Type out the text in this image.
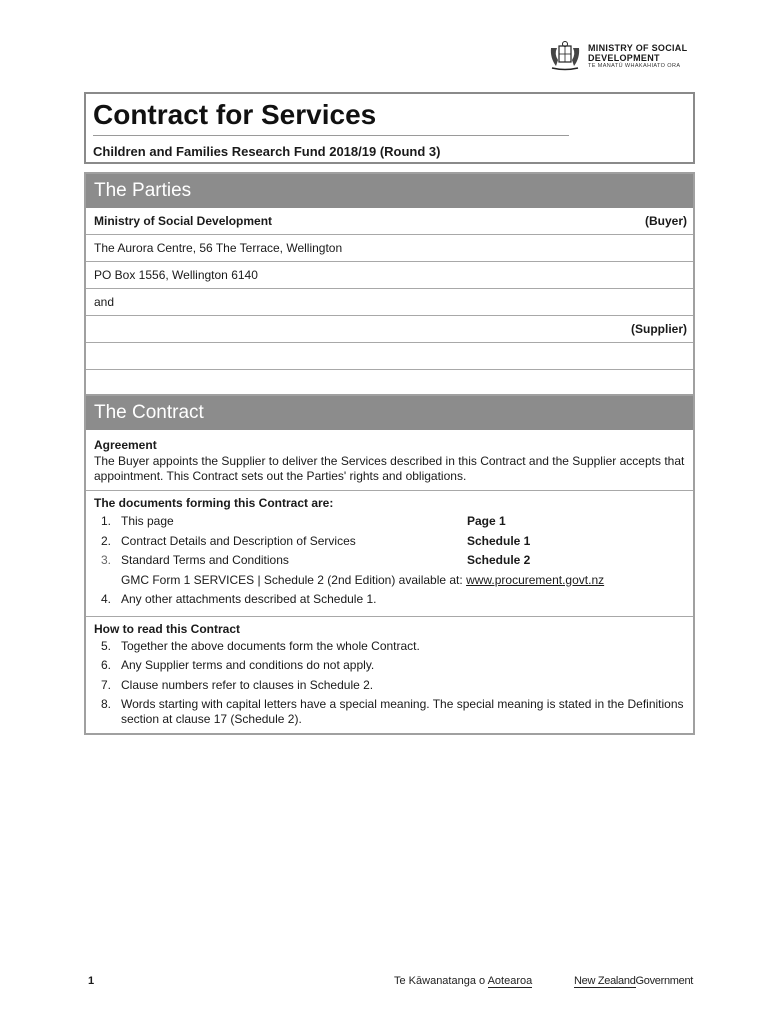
MINISTRY OF SOCIAL
DEVELOPMENT
TE MANATŪ WHAKAHIATO ORA
Contract for Services
Children and Families Research Fund 2018/19 (Round 3)
The Parties
Ministry of Social Development	(Buyer)
The Aurora Centre, 56 The Terrace, Wellington
PO Box 1556, Wellington 6140
and
(Supplier)
The Contract
Agreement
The Buyer appoints the Supplier to deliver the Services described in this Contract and the Supplier accepts that appointment. This Contract sets out the Parties' rights and obligations.
The documents forming this Contract are:
1. This page	Page 1
2. Contract Details and Description of Services	Schedule 1
3. Standard Terms and Conditions	Schedule 2
GMC Form 1 SERVICES | Schedule 2 (2nd Edition) available at: www.procurement.govt.nz
4. Any other attachments described at Schedule 1.
How to read this Contract
5. Together the above documents form the whole Contract.
6. Any Supplier terms and conditions do not apply.
7. Clause numbers refer to clauses in Schedule 2.
8. Words starting with capital letters have a special meaning. The special meaning is stated in the Definitions section at clause 17 (Schedule 2).
1	Te Kāwanatanga o Aotearoa	New ZealandGovernment
